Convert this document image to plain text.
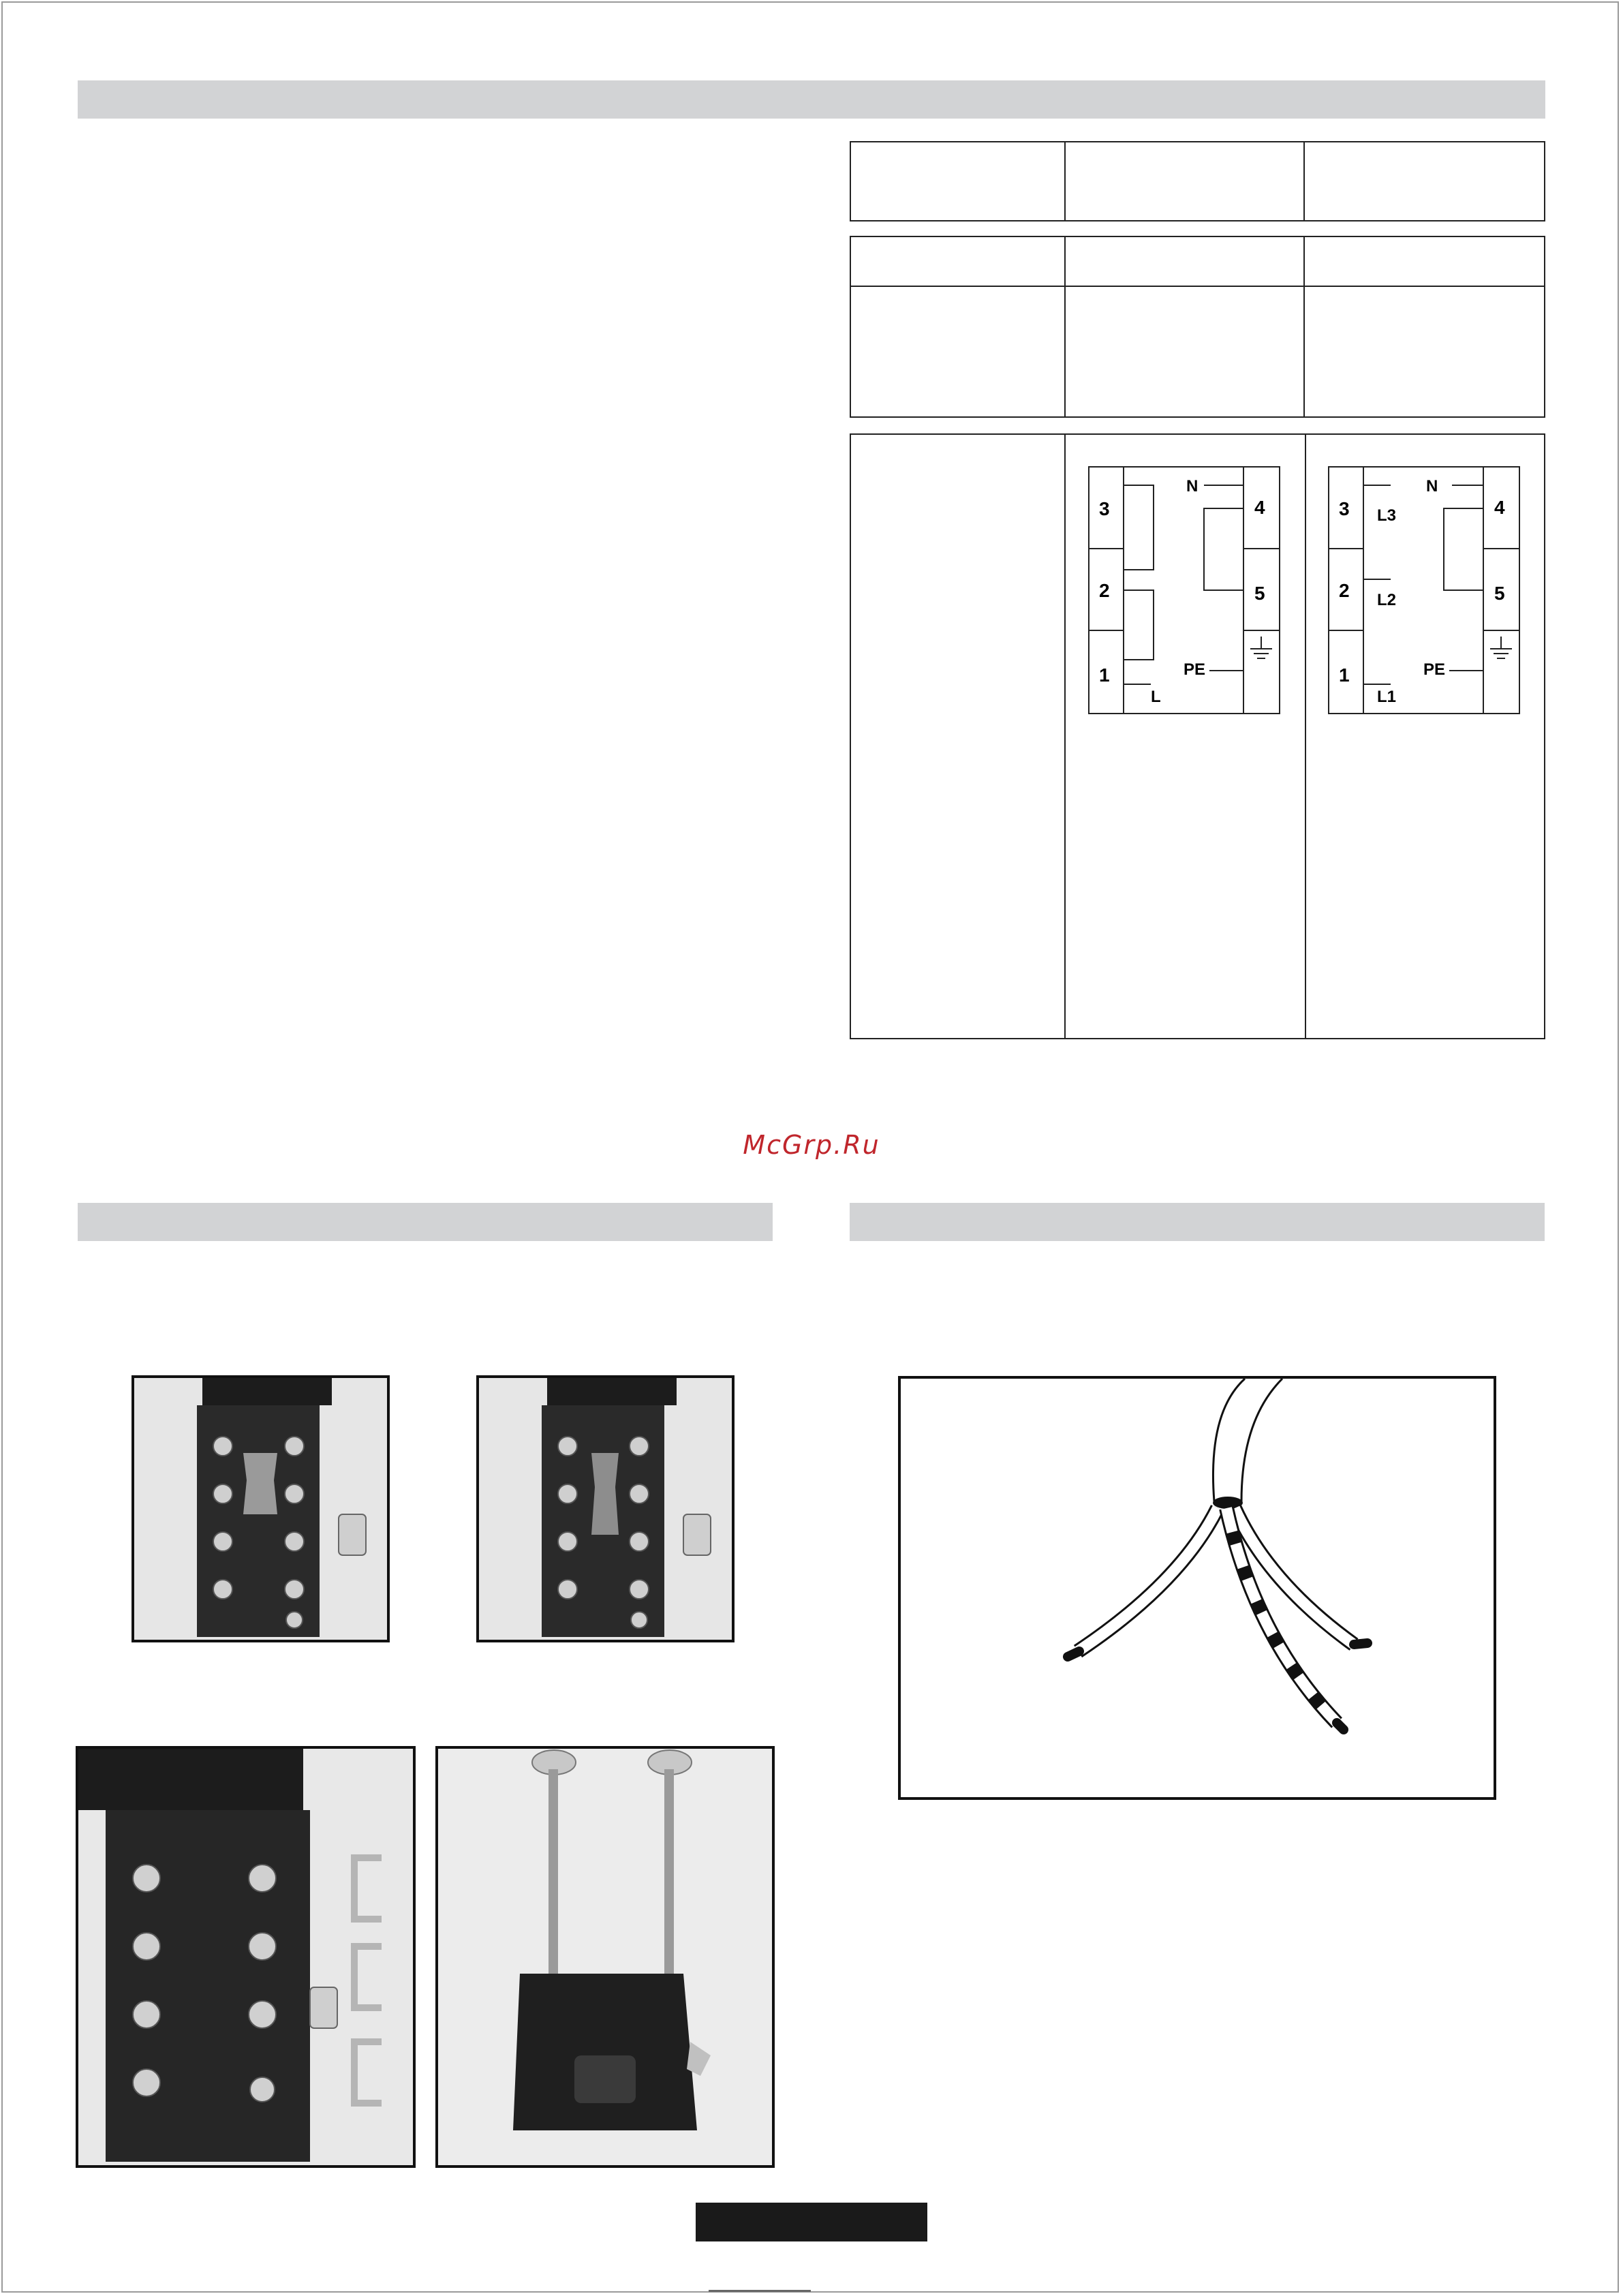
3
2
1
4
5
N
PE
L
3
2
1
4
5
N
PE
L3
L2
L1
McGrp.Ru
